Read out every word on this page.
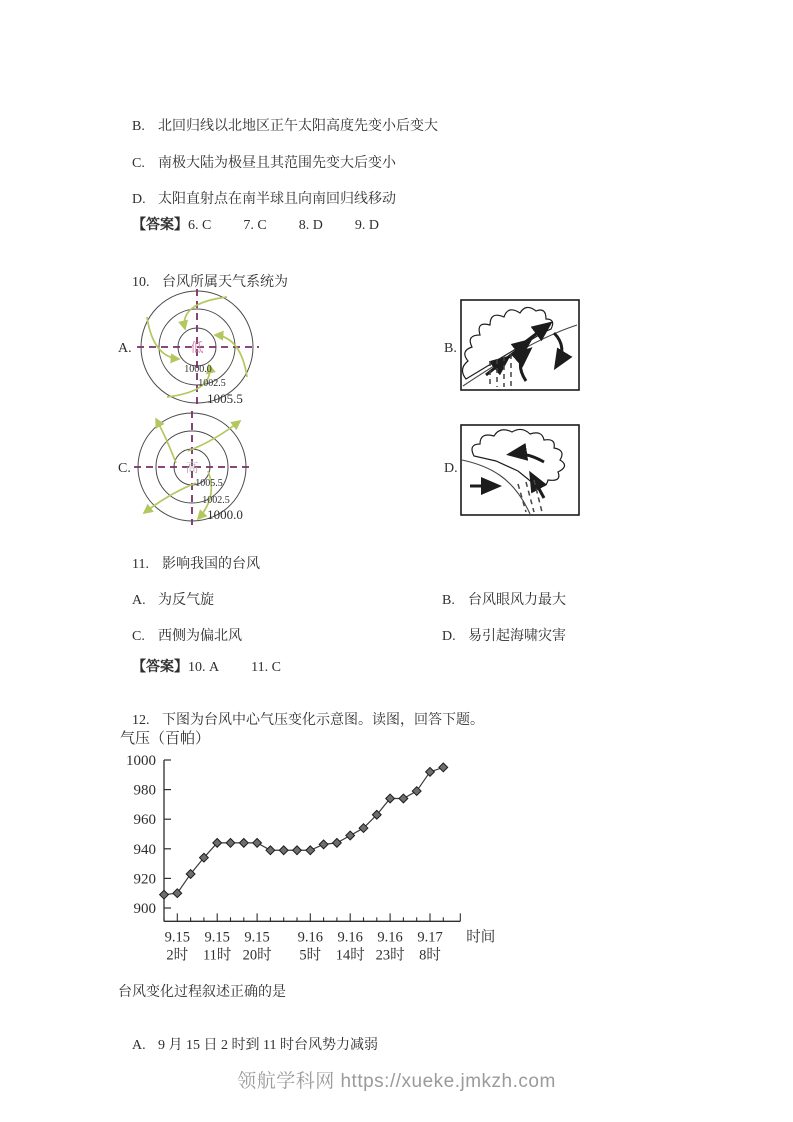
B. 北回归线以北地区正午太阳高度先变小后变大

C. 南极大陆为极昼且其范围先变大后变小

D. 太阳直射点在南半球且向南回归线移动

【答案】6. C 7. C 8. D 9. D

10. 台风所属天气系统为

A.	B.
C.	D.
低
1000.0
1002.5
1005.5
高
1005.5
1002.5
1000.0

11. 影响我国的台风

A. 为反气旋
	B. 台风眼风力最大

C. 西侧为偏北风
	D. 易引起海啸灾害

【答案】10. A 11. C

12. 下图为台风中心气压变化示意图。读图，回答下题。

气压（百帕）
1000
980
960
940
920
900
9.15
2时
9.15
11时
9.15
20时
9.16
5时
9.16
14时
9.16
23时
9.17
8时
时间
台风变化过程叙述正确的是

A. 9 月 15 日 2 时到 11 时台风势力减弱

领航学科网 https://xueke.jmkzh.com
